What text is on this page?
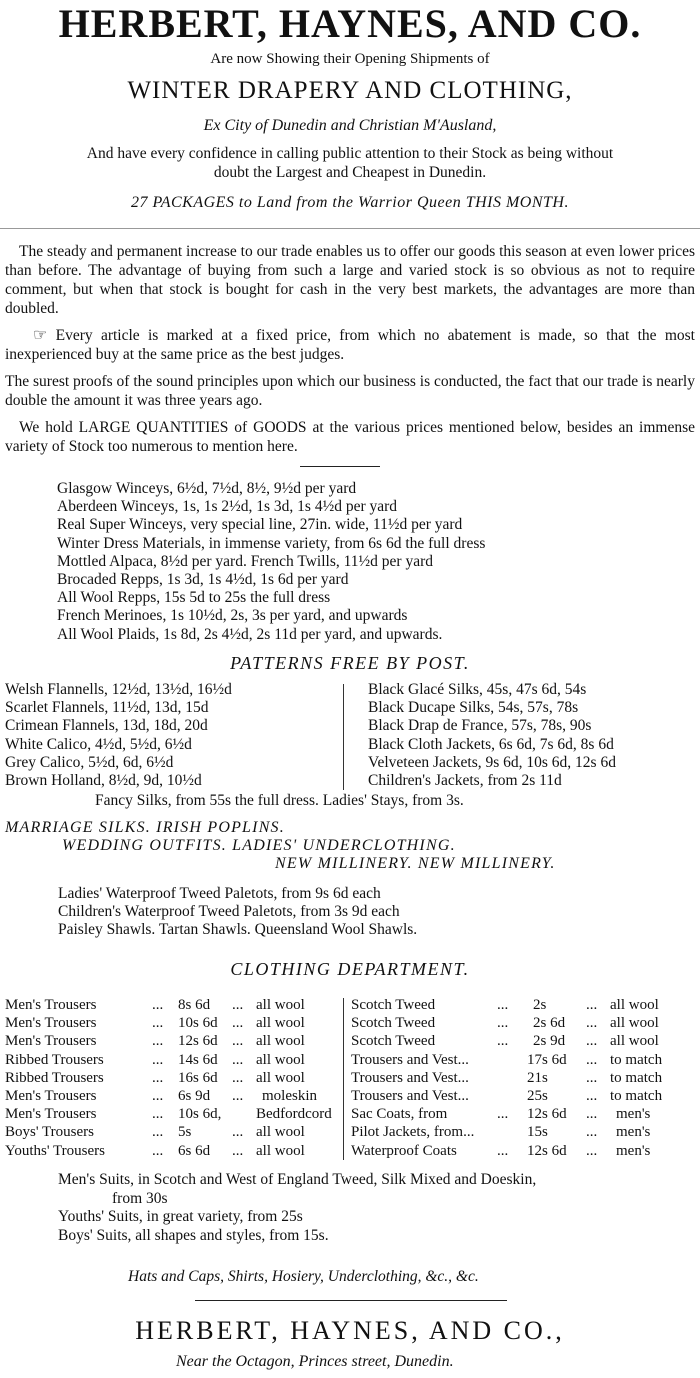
HERBERT, HAYNES, AND CO.
Are now Showing their Opening Shipments of
WINTER DRAPERY AND CLOTHING,
Ex City of Dunedin and Christian M'Ausland,
And have every confidence in calling public attention to their Stock as being without
doubt the Largest and Cheapest in Dunedin.
27 PACKAGES to Land from the Warrior Queen THIS MONTH.

The steady and permanent increase to our trade enables us to offer our goods this season at even lower prices than before. The advantage of buying from such a large and varied stock is so obvious as not to require comment, but when that stock is bought for cash in the very best markets, the advantages are more than doubled.

☞ Every article is marked at a fixed price, from which no abatement is made, so that the most inexperienced buy at the same price as the best judges.

The surest proofs of the sound principles upon which our business is conducted, the fact that our trade is nearly double the amount it was three years ago.

We hold LARGE QUANTITIES of GOODS at the various prices mentioned below, besides an immense variety of Stock too numerous to mention here.

Glasgow Winceys, 6½d, 7½d, 8½, 9½d per yard
Aberdeen Winceys, 1s, 1s 2½d, 1s 3d, 1s 4½d per yard
Real Super Winceys, very special line, 27in. wide, 11½d per yard
Winter Dress Materials, in immense variety, from 6s 6d the full dress
Mottled Alpaca, 8½d per yard. French Twills, 11½d per yard
Brocaded Repps, 1s 3d, 1s 4½d, 1s 6d per yard
All Wool Repps, 15s 5d to 25s the full dress
French Merinoes, 1s 10½d, 2s, 3s per yard, and upwards
All Wool Plaids, 1s 8d, 2s 4½d, 2s 11d per yard, and upwards.
PATTERNS FREE BY POST.
Welsh Flannells, 12½d, 13½d, 16½d
Scarlet Flannels, 11½d, 13d, 15d
Crimean Flannels, 13d, 18d, 20d
White Calico, 4½d, 5½d, 6½d
Grey Calico, 5½d, 6d, 6½d
Brown Holland, 8½d, 9d, 10½d
Black Glacé Silks, 45s, 47s 6d, 54s
Black Ducape Silks, 54s, 57s, 78s
Black Drap de France, 57s, 78s, 90s
Black Cloth Jackets, 6s 6d, 7s 6d, 8s 6d
Velveteen Jackets, 9s 6d, 10s 6d, 12s 6d
Children's Jackets, from 2s 11d
Fancy Silks, from 55s the full dress. Ladies' Stays, from 3s.
MARRIAGE SILKS. IRISH POPLINS.
WEDDING OUTFITS. LADIES' UNDERCLOTHING.
NEW MILLINERY. NEW MILLINERY.
Ladies' Waterproof Tweed Paletots, from 9s 6d each
Children's Waterproof Tweed Paletots, from 3s 9d each
Paisley Shawls. Tartan Shawls. Queensland Wool Shawls.
CLOTHING DEPARTMENT.
Men's Trousers
Men's Trousers
Men's Trousers
Ribbed Trousers
Ribbed Trousers
Men's Trousers
Men's Trousers
Boys' Trousers
Youths' Trousers
...
...
...
...
...
...
...
...
...
8s 6d
10s 6d
12s 6d
14s 6d
16s 6d
6s 9d
10s 6d,
5s
6s 6d
...
...
...
...
...
...

...
...
all wool
all wool
all wool
all wool
all wool
moleskin
Bedfordcord
all wool
all wool
Scotch Tweed
Scotch Tweed
Scotch Tweed
Trousers and Vest...
Trousers and Vest...
Trousers and Vest...
Sac Coats, from
Pilot Jackets, from...
Waterproof Coats
...
...
...

...

...
2s
2s 6d
2s 9d
17s 6d
21s
25s
12s 6d
15s
12s 6d
...
...
...
...
...
...
...
...
...
all wool
all wool
all wool
to match
to match
to match
men's
men's
men's
Men's Suits, in Scotch and West of England Tweed, Silk Mixed and Doeskin,
from 30s
Youths' Suits, in great variety, from 25s
Boys' Suits, all shapes and styles, from 15s.
Hats and Caps, Shirts, Hosiery, Underclothing, &c., &c.
HERBERT, HAYNES, AND CO.,
Near the Octagon, Princes street, Dunedin.
